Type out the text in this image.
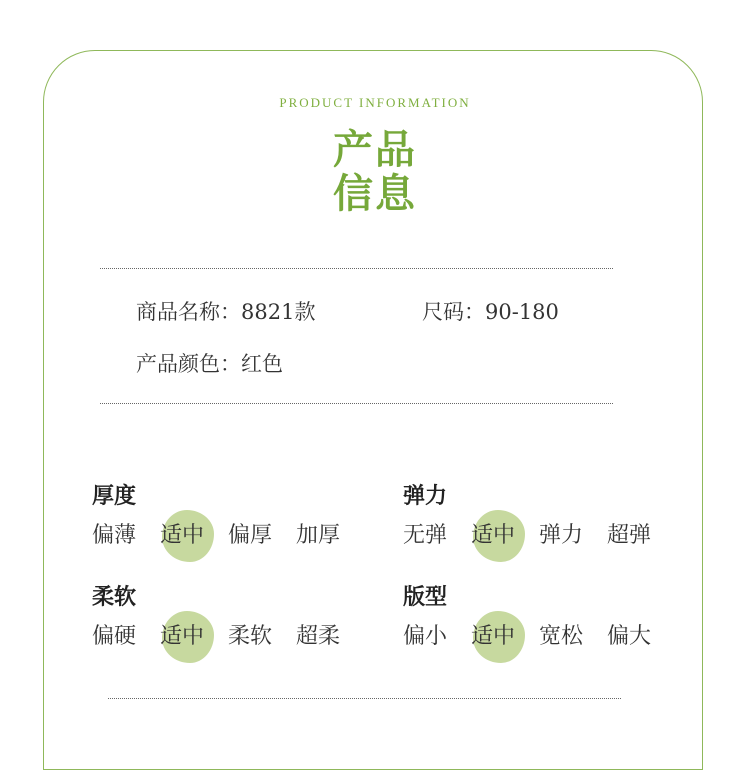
PRODUCT INFORMATION
产品
信息
商品名称：8821款	尺码：90-180
产品颜色：红色
厚度
偏薄	适中	偏厚	加厚
弹力
无弹	适中	弹力	超弹
柔软
偏硬	适中	柔软	超柔
版型
偏小	适中	宽松	偏大
